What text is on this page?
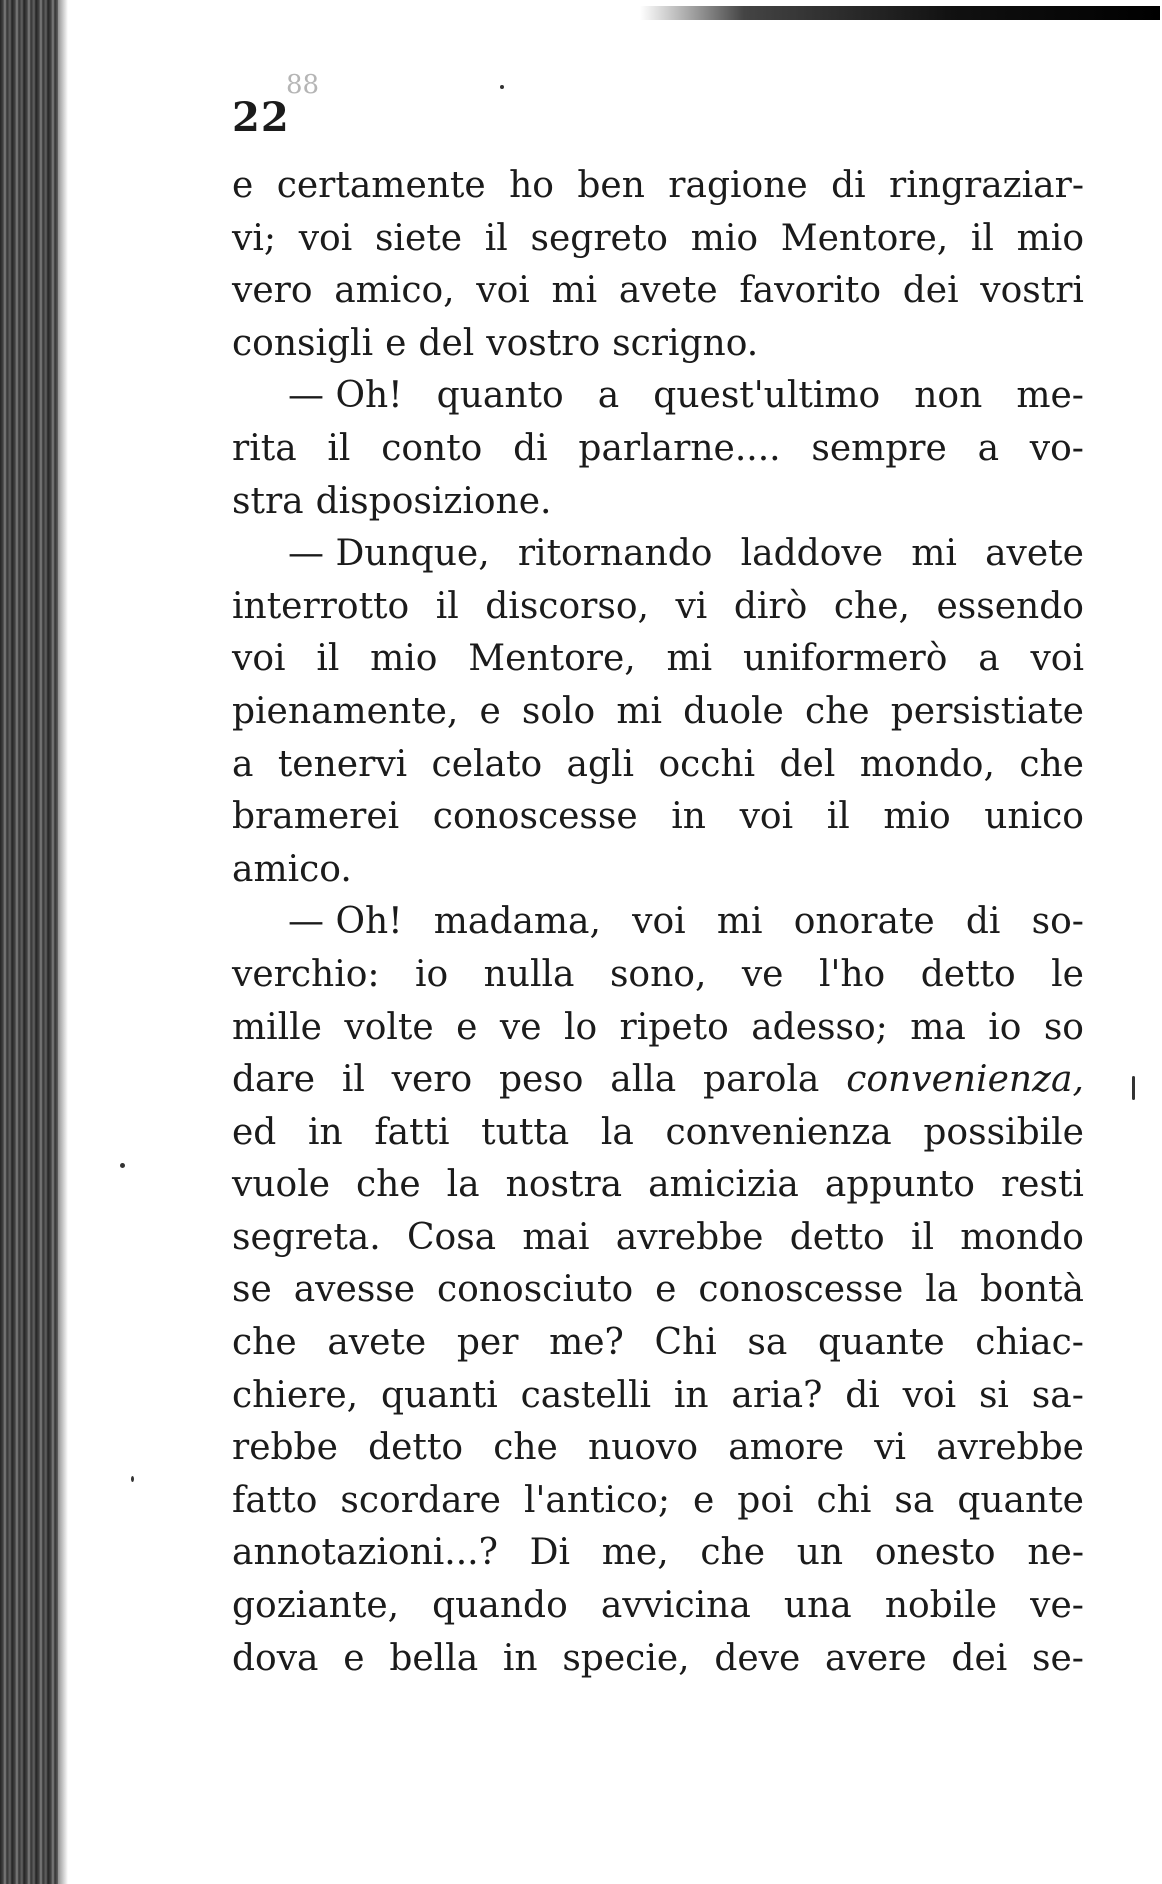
88
22
e certamente ho ben ragione di ringraziar-
vi; voi siete il segreto mio Mentore, il mio
vero amico, voi mi avete favorito dei vostri
consigli e del vostro scrigno.
— Oh! quanto a quest'ultimo non me-
rita il conto di parlarne.... sempre a vo-
stra disposizione.
— Dunque, ritornando laddove mi avete
interrotto il discorso, vi dirò che, essendo
voi il mio Mentore, mi uniformerò a voi
pienamente, e solo mi duole che persistiate
a tenervi celato agli occhi del mondo, che
bramerei conoscesse in voi il mio unico
amico.
— Oh! madama, voi mi onorate di so-
verchio: io nulla sono, ve l'ho detto le
mille volte e ve lo ripeto adesso; ma io so
dare il vero peso alla parola convenienza,
ed in fatti tutta la convenienza possibile
vuole che la nostra amicizia appunto resti
segreta. Cosa mai avrebbe detto il mondo
se avesse conosciuto e conoscesse la bontà
che avete per me? Chi sa quante chiac-
chiere, quanti castelli in aria? di voi si sa-
rebbe detto che nuovo amore vi avrebbe
fatto scordare l'antico; e poi chi sa quante
annotazioni...? Di me, che un onesto ne-
goziante, quando avvicina una nobile ve-
dova e bella in specie, deve avere dei se-
